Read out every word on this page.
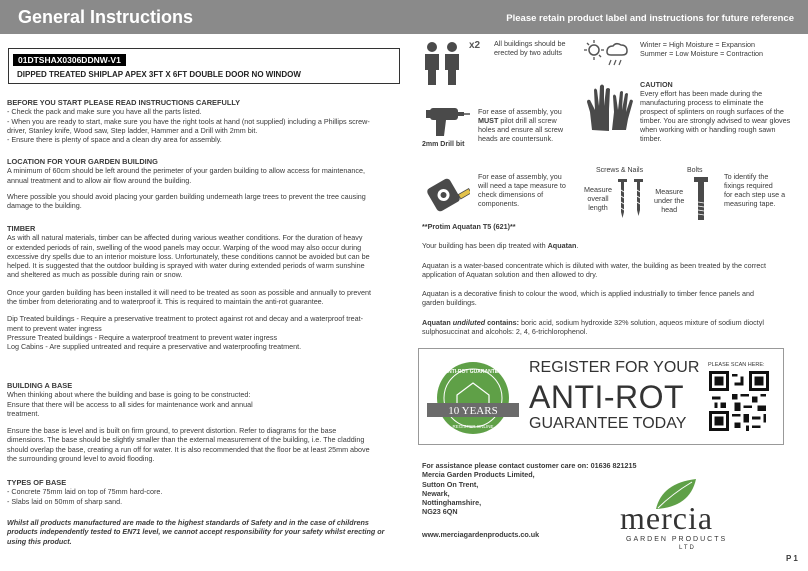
General Instructions	Please retain product label and instructions for future reference
01DTSHAX0306DDNW-V1
DIPPED TREATED SHIPLAP APEX 3FT X 6FT DOUBLE DOOR NO WINDOW
BEFORE YOU START PLEASE READ INSTRUCTIONS CAREFULLY
- Check the pack and make sure you have all the parts listed.
- When you are ready to start, make sure you have the right tools at hand (not supplied) including a Phillips screw-
driver, Stanley knife, Wood saw, Step ladder, Hammer and a Drill with 2mm bit.
- Ensure there is plenty of space and a clean dry area for assembly.
LOCATION FOR YOUR GARDEN BUILDING
A minimum of 60cm should be left around the perimeter of your garden building to allow access for maintenance,
annual treatment and to allow air flow around the building.
Where possible you should avoid placing your garden building underneath large trees to prevent the tree causing
damage to the building.
TIMBER
As with all natural materials, timber can be affected during various weather conditions. For the duration of heavy
or extended periods of rain, swelling of the wood panels may occur. Warping of the wood may also occur during
excessive dry spells due to an interior moisture loss. Unfortunately, these conditions cannot be avoided but can be
helped. It is suggested that the outdoor building is sprayed with water during extended periods of warm sunshine
and sheltered as much as possible during rain or snow.
Once your garden building has been installed it will need to be treated as soon as possible and annually to prevent
the timber from deteriorating and to waterproof it. This is required to maintain the anti-rot guarantee.
Dip Treated buildings - Require a preservative treatment to protect against rot and decay and a waterproof treat-
ment to prevent water ingress
Pressure Treated buildings - Require a waterproof treatment to prevent water ingress
Log Cabins - Are supplied untreated and require a preservative and waterproofing treatment.
BUILDING A BASE
When thinking about where the building and base is going to be constructed:
Ensure that there will be access to all sides for maintenance work and annual
treatment.
Ensure the base is level and is built on firm ground, to prevent distortion. Refer to diagrams for the base
dimensions. The base should be slightly smaller than the external measurement of the building, i.e. The cladding
should overlap the base, creating a run off for water. It is also recommended that the floor be at least 25mm above
the surrounding ground level to avoid flooding.
TYPES OF BASE
- Concrete 75mm laid on top of 75mm hard-core.
- Slabs laid on 50mm of sharp sand.
Whilst all products manufactured are made to the highest standards of Safety and in the case of childrens
products independently tested to EN71 level, we cannot accept responsibility for your safety whilst erecting or
using this product.
x2 All buildings should be
erected by two adults
Winter = High Moisture = Expansion
Summer = Low Moisture = Contraction
CAUTION
Every effort has been made during the
manufacturing process to eliminate the
prospect of splinters on rough surfaces of the
timber. You are strongly advised to wear gloves
when working with or handling rough sawn
timber.
2mm Drill bit
For ease of assembly, you
MUST pilot drill all screw
holes and ensure all screw
heads are countersunk.
For ease of assembly, you
will need a tape measure to
check dimensions of
components.
Screws & Nails	Bolts
Measure
overall
length
Measure
under the
head
To identify the
fixings required
for each step use a
measuring tape.
**Protim Aquatan T5 (621)**
Your building has been dip treated with Aquatan.
Aquatan is a water-based concentrate which is diluted with water, the building as been treated by the correct
application of Aquatan solution and then allowed to dry.
Aquatan is a decorative finish to colour the wood, which is applied industrially to timber fence panels and
garden buildings.
Aquatan undiluted contains: boric acid, sodium hydroxide 32% solution, aqueos mixture of sodium dioctyl
sulphosuccinat and alcohols: 2, 4, 6-trichlorophenol.
ANTI-ROT GUARANTEE
10 YEARS
REGISTER ONLINE
REGISTER FOR YOUR
ANTI-ROT
GUARANTEE TODAY
PLEASE SCAN HERE:
For assistance please contact customer care on: 01636 821215
Mercia Garden Products Limited,
Sutton On Trent,
Newark,
Nottinghamshire,
NG23 6QN
www.merciagardenproducts.co.uk	mercia
GARDEN PRODUCTS
LTD
P 1
